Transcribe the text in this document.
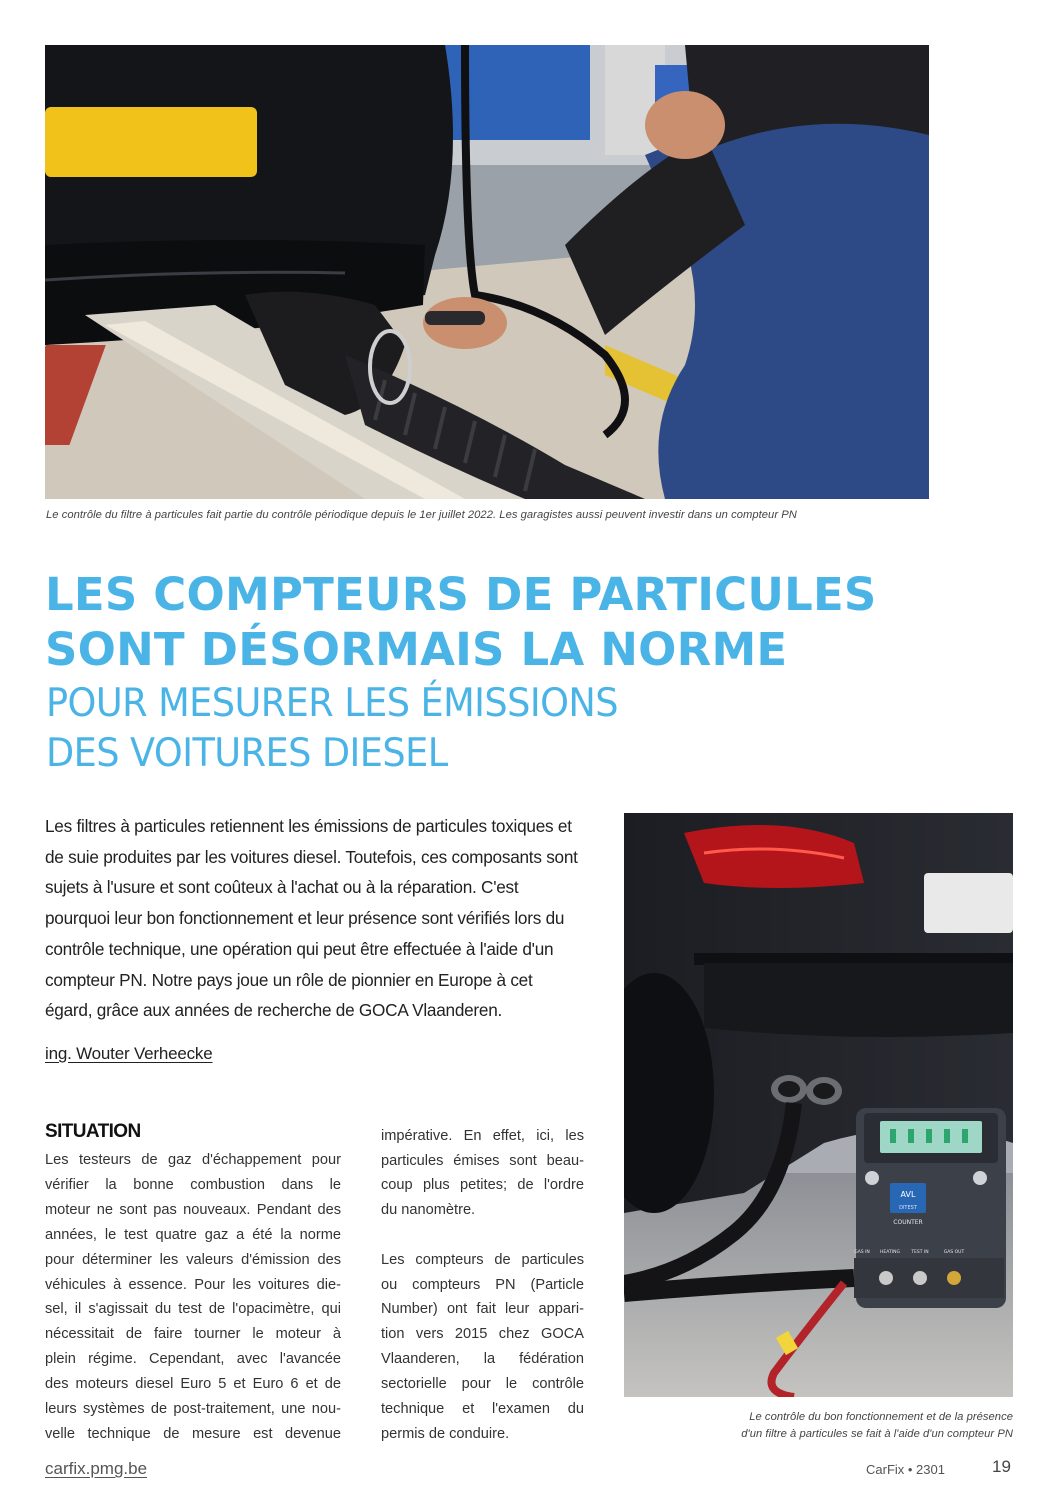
Le contrôle du filtre à particules fait partie du contrôle périodique depuis le 1er juillet 2022. Les garagistes aussi peuvent investir dans un compteur PN
LES COMPTEURS DE PARTICULES
SONT DÉSORMAIS LA NORME
POUR MESURER LES ÉMISSIONS
DES VOITURES DIESEL
Les filtres à particules retiennent les émissions de particules toxiques et
de suie produites par les voitures diesel. Toutefois, ces composants sont
sujets à l'usure et sont coûteux à l'achat ou à la réparation. C'est
pourquoi leur bon fonctionnement et leur présence sont vérifiés lors du
contrôle technique, une opération qui peut être effectuée à l'aide d'un
compteur PN. Notre pays joue un rôle de pionnier en Europe à cet
égard, grâce aux années de recherche de GOCA Vlaanderen.
ing. Wouter Verheecke
SITUATION
Les testeurs de gaz d'échappement pour
vérifier la bonne combustion dans le
moteur ne sont pas nouveaux. Pendant des
années, le test quatre gaz a été la norme
pour déterminer les valeurs d'émission des
véhicules à essence. Pour les voitures die-
sel, il s'agissait du test de l'opacimètre, qui
nécessitait de faire tourner le moteur à
plein régime. Cependant, avec l'avancée
des moteurs diesel Euro 5 et Euro 6 et de
leurs systèmes de post-traitement, une nou-
velle technique de mesure est devenue
impérative. En effet, ici, les
particules émises sont beau-
coup plus petites; de l'ordre
du nanomètre.
Les compteurs de particules
ou compteurs PN (Particle
Number) ont fait leur appari-
tion vers 2015 chez GOCA
Vlaanderen, la fédération
sectorielle pour le contrôle
technique et l'examen du
permis de conduire.
AVL
DITEST
COUNTER
GAS IN HEATING	TEST IN	GAS OUT
Le contrôle du bon fonctionnement et de la présence
d'un filtre à particules se fait à l'aide d'un compteur PN
carfix.pmg.be	CarFix • 2301	19
